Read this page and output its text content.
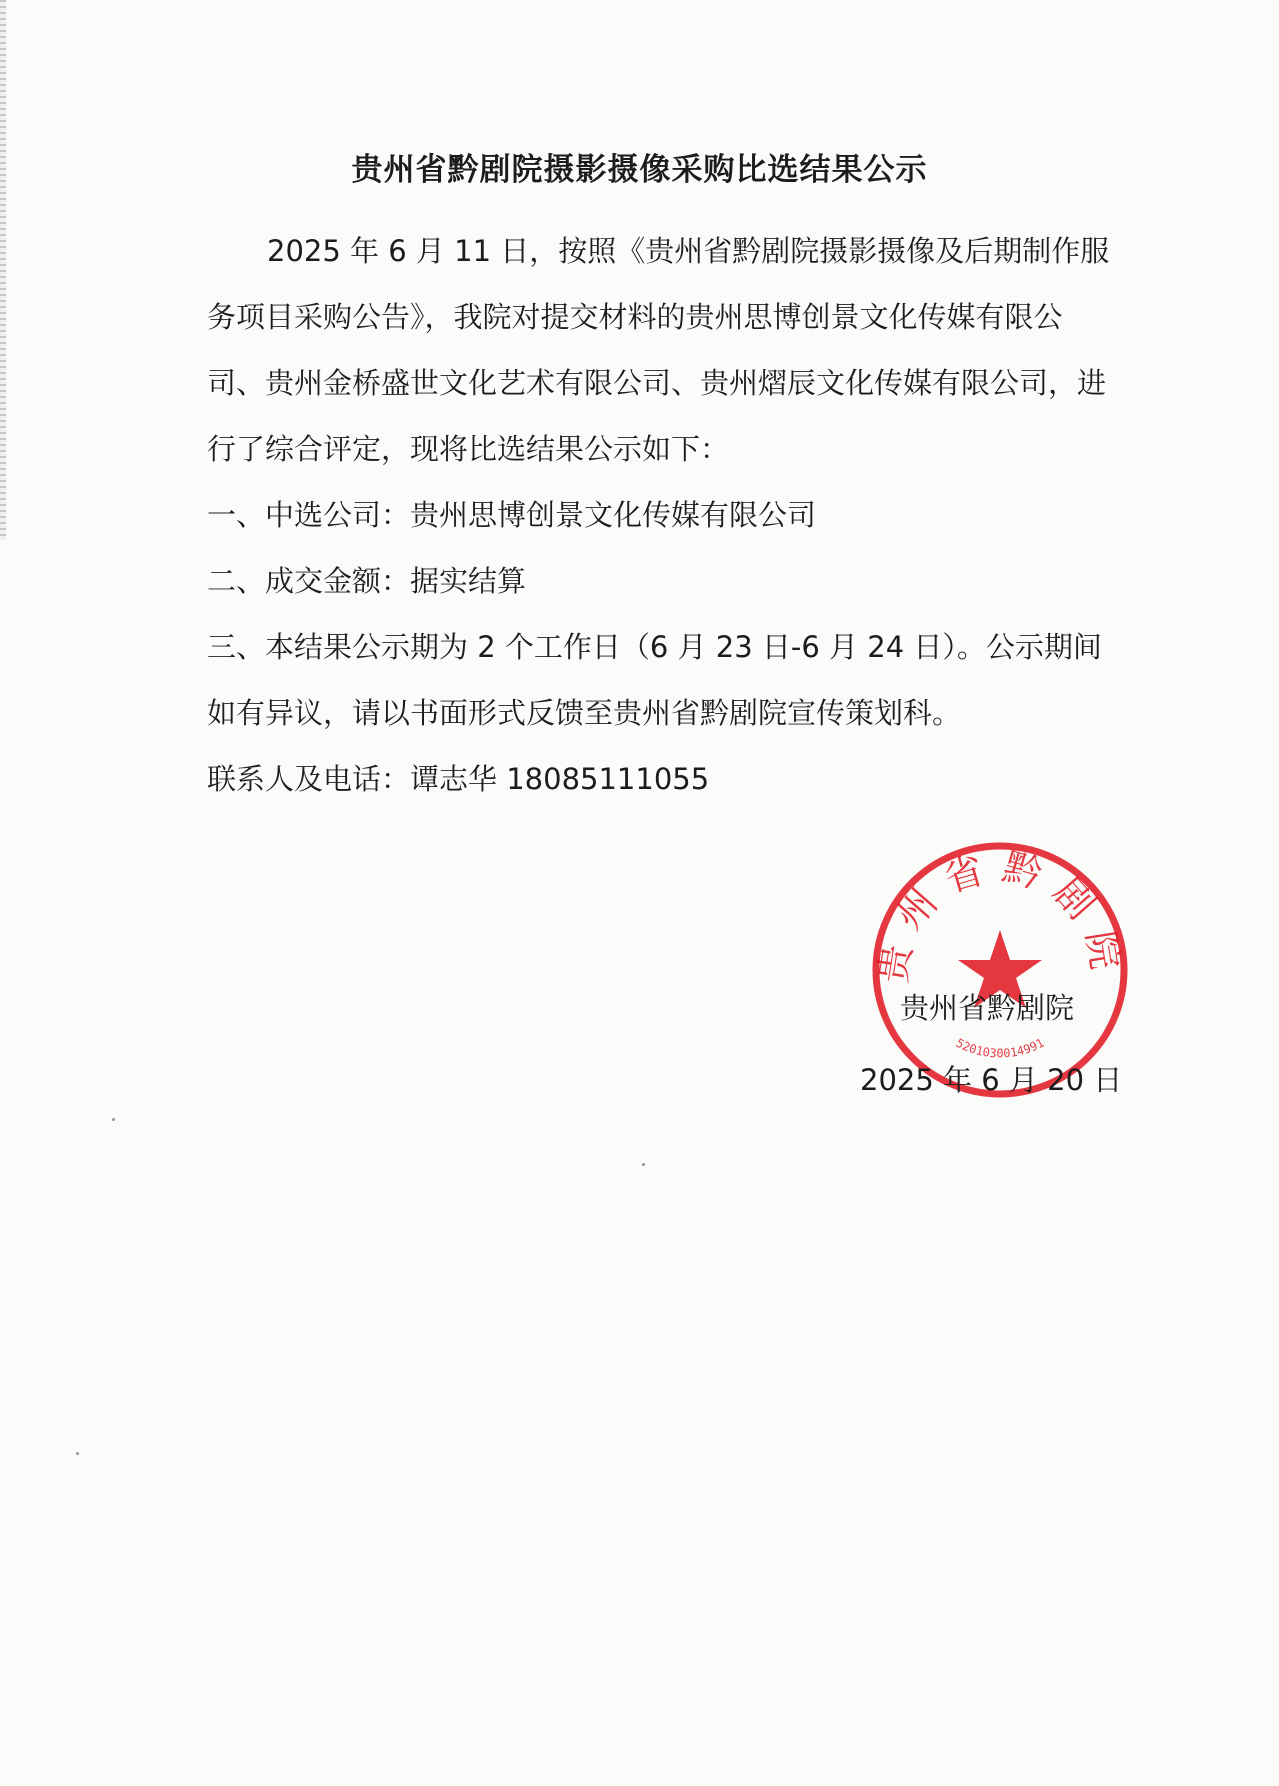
贵州省黔剧院摄影摄像采购比选结果公示

2025 年 6 月 11 日，按照《贵州省黔剧院摄影摄像及后期制作服务项目采购公告》，我院对提交材料的贵州思博创景文化传媒有限公司、贵州金桥盛世文化艺术有限公司、贵州熠辰文化传媒有限公司，进行了综合评定，现将比选结果公示如下：

一、中选公司：贵州思博创景文化传媒有限公司

二、成交金额：据实结算

三、本结果公示期为 2 个工作日（6 月 23 日-6 月 24 日）。公示期间如有异议，请以书面形式反馈至贵州省黔剧院宣传策划科。

联系人及电话：谭志华 18085111055

贵州省黔剧院
5201030014991
贵州省黔剧院
2025 年 6 月 20 日
